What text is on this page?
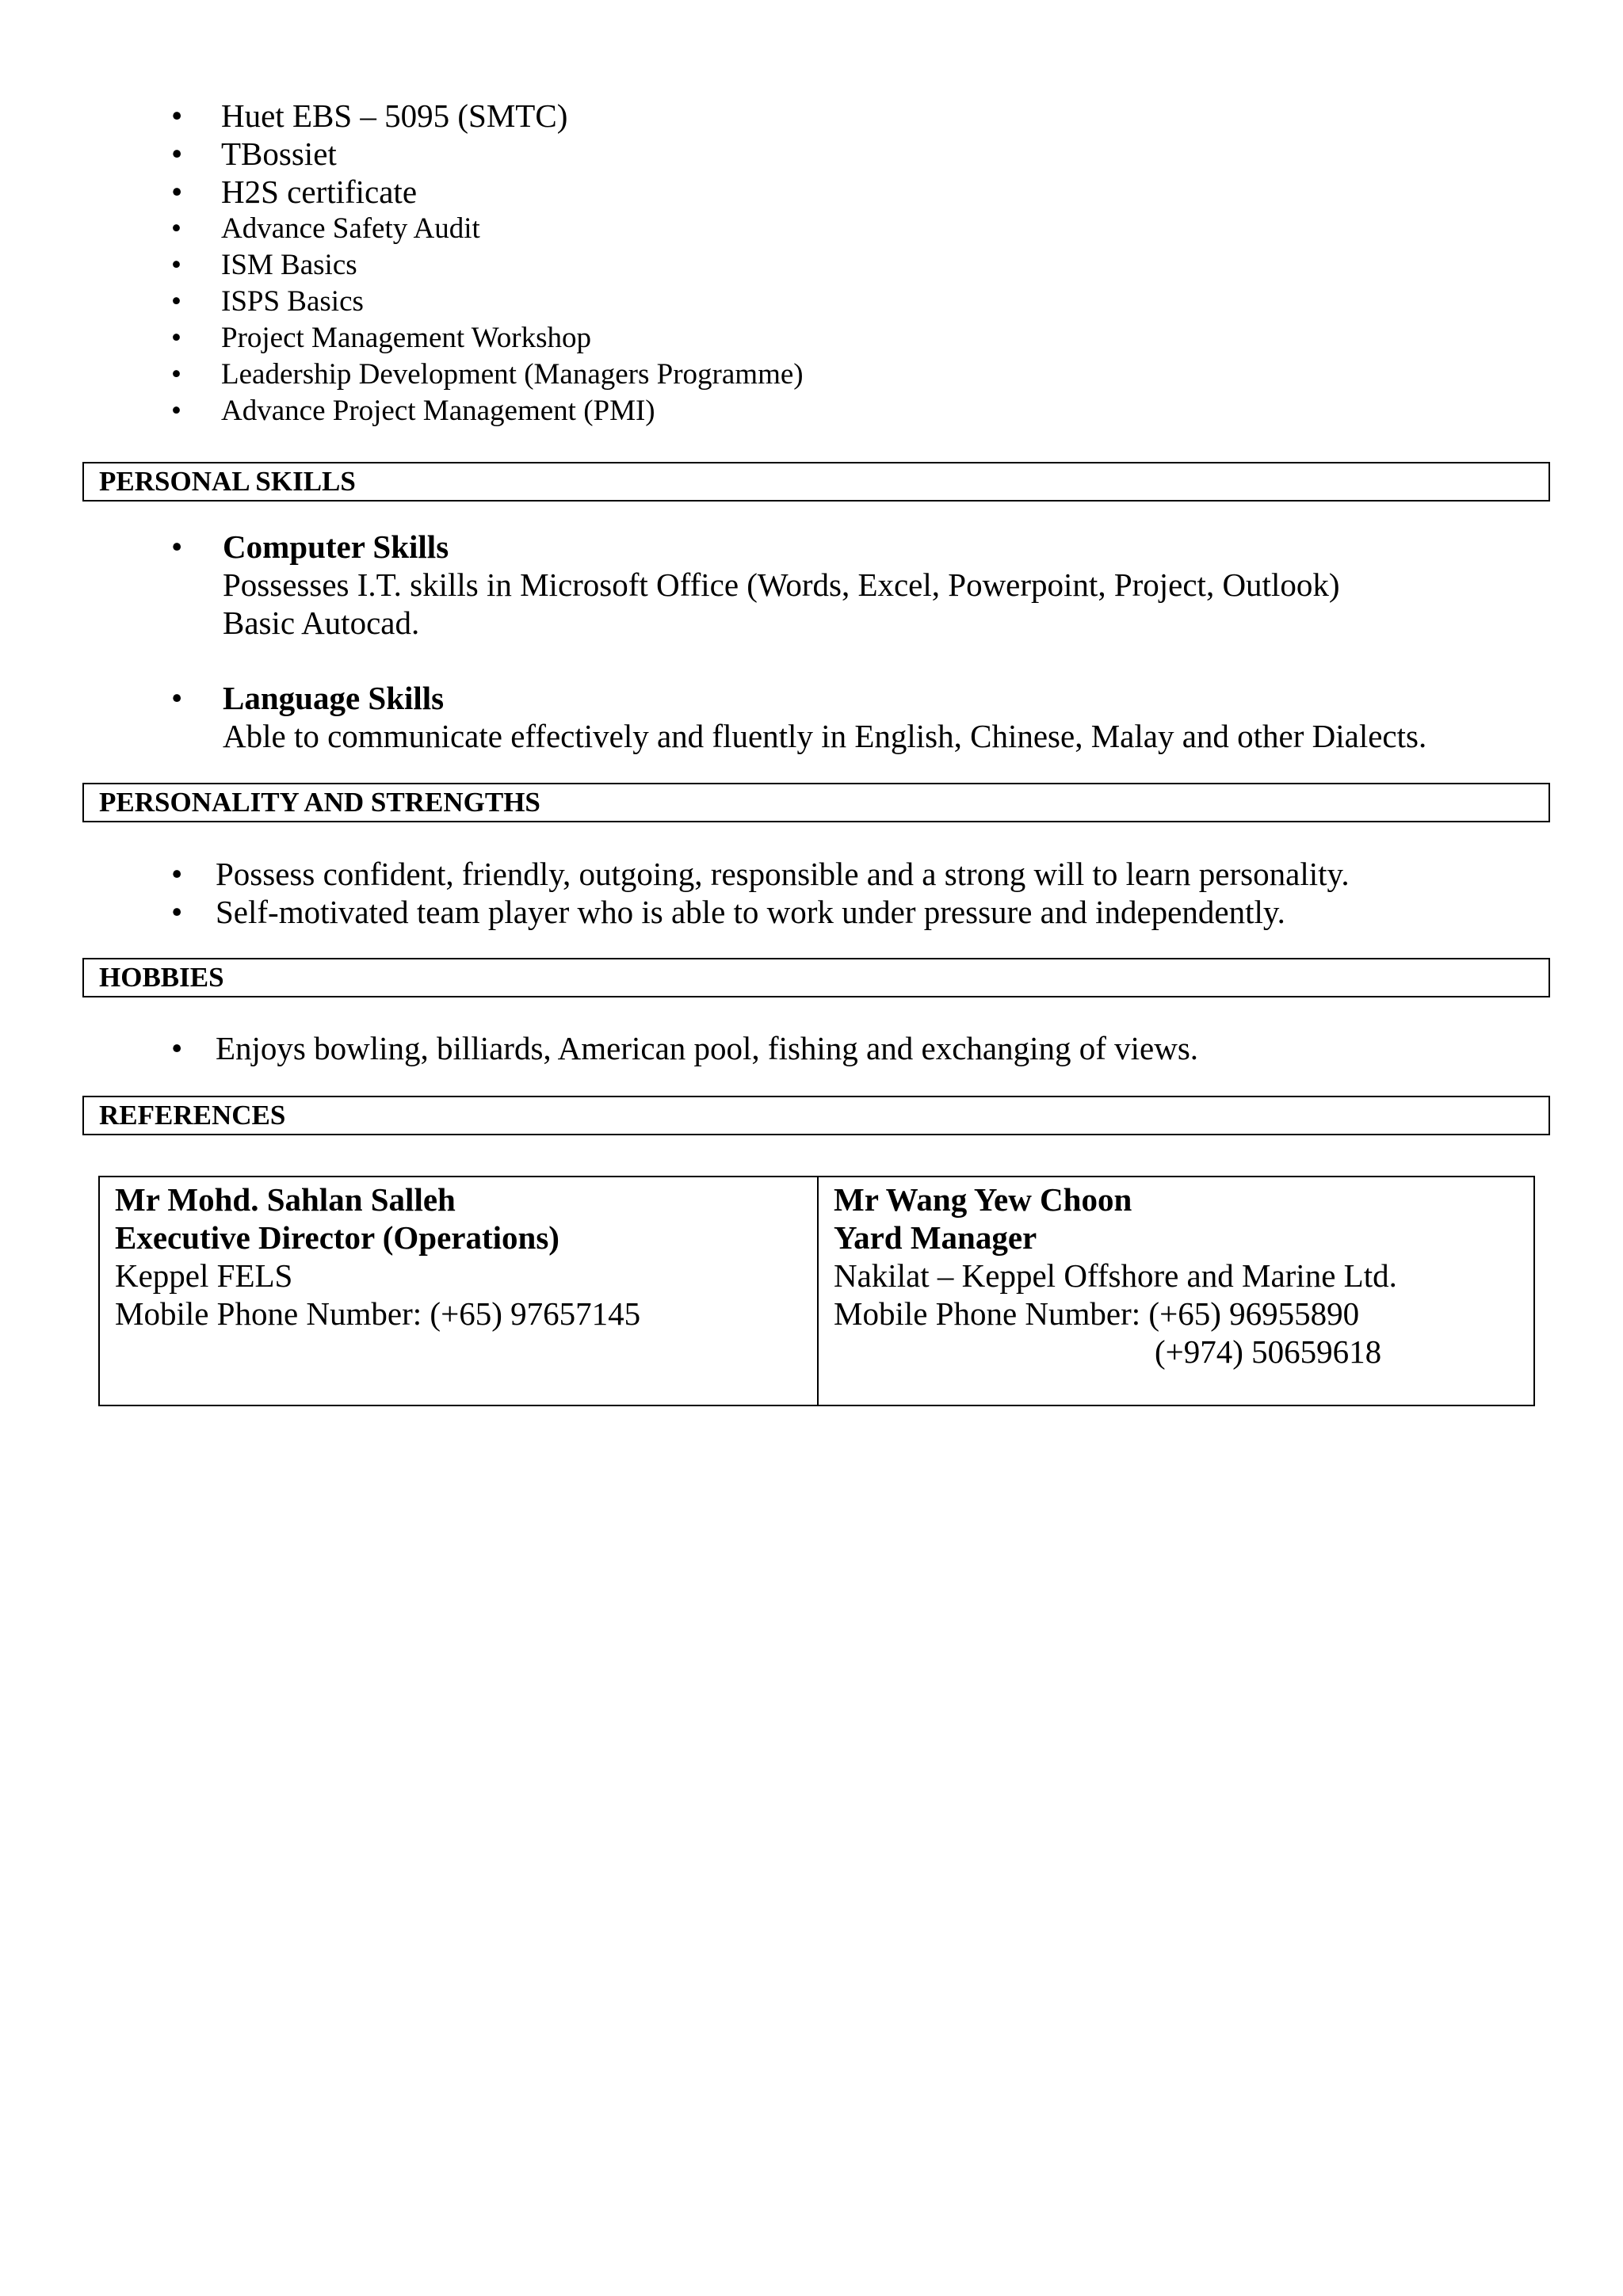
• Huet EBS – 5095 (SMTC)
• TBossiet
• H2S certificate
• Advance Safety Audit
• ISM Basics
• ISPS Basics
• Project Management Workshop
• Leadership Development (Managers Programme)
• Advance Project Management (PMI)
PERSONAL SKILLS
• Computer Skills
Possesses I.T. skills in Microsoft Office (Words, Excel, Powerpoint, Project, Outlook)
Basic Autocad.
• Language Skills
Able to communicate effectively and fluently in English, Chinese, Malay and other Dialects.
PERSONALITY AND STRENGTHS
• Possess confident, friendly, outgoing, responsible and a strong will to learn personality.
• Self-motivated team player who is able to work under pressure and independently.
HOBBIES
• Enjoys bowling, billiards, American pool, fishing and exchanging of views.
REFERENCES
Mr Mohd. Sahlan Salleh
Executive Director (Operations)
Keppel FELS
Mobile Phone Number: (+65) 97657145
Mr Wang Yew Choon
Yard Manager
Nakilat – Keppel Offshore and Marine Ltd.
Mobile Phone Number: (+65) 96955890
(+974) 50659618
